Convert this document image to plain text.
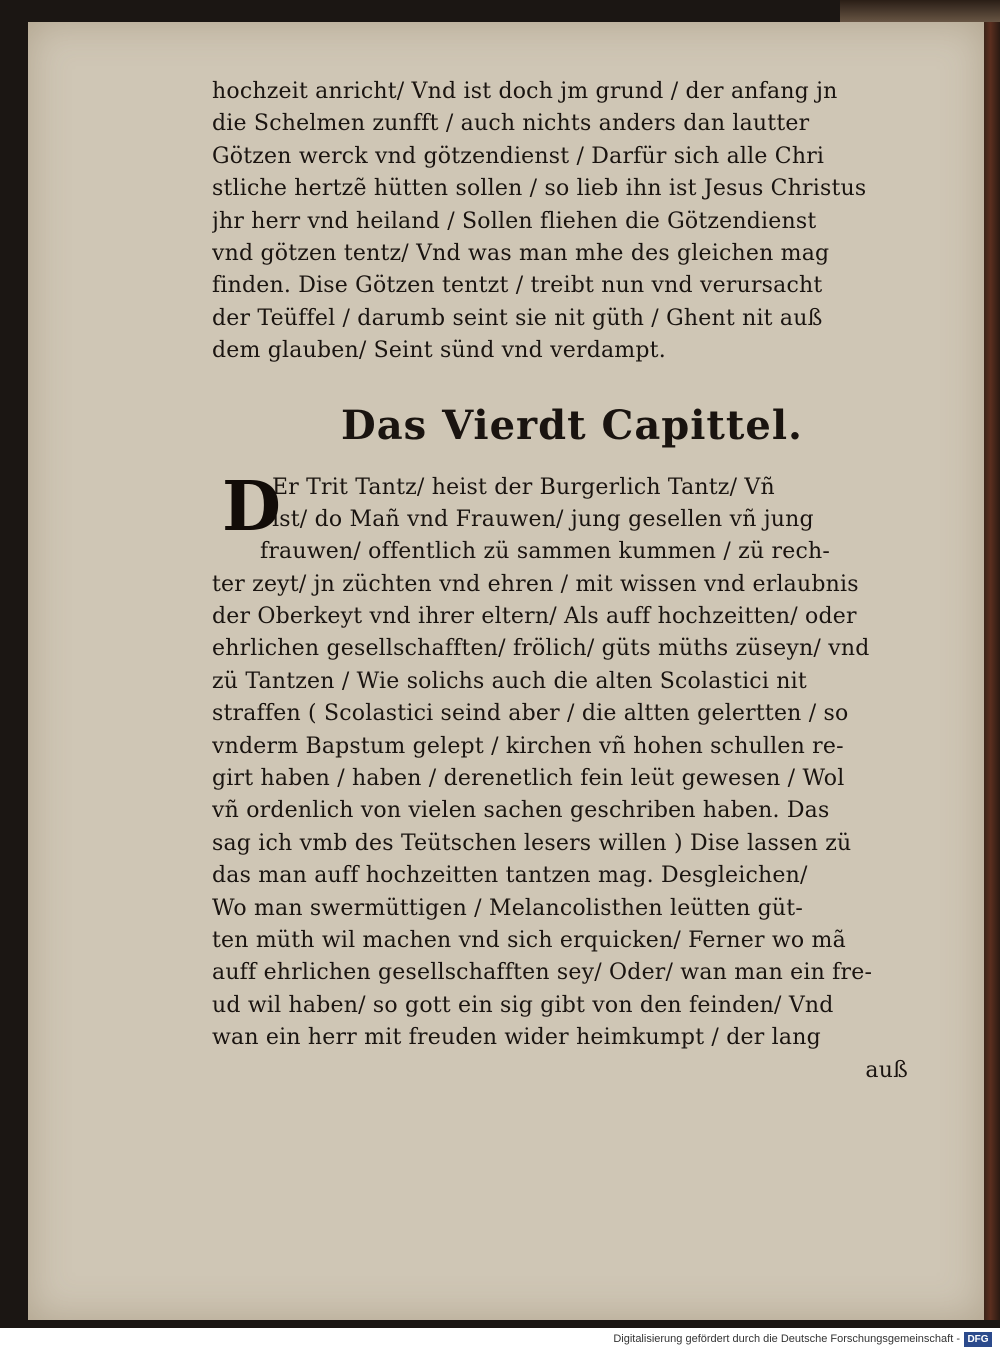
hochzeit anricht/ Vnd ist doch jm grund / der anfang jn
die Schelmen zunfft / auch nichts anders dan lautter
Götzen werck vnd götzendienst / Darfür sich alle Chri
stliche hertzẽ hütten sollen / so lieb ihn ist Jesus Christus
jhr herr vnd heiland / Sollen fliehen die Götzendienst
vnd götzen tentz/ Vnd was man mhe des gleichen mag
finden. Dise Götzen tentzt / treibt nun vnd verursacht
der Teüffel / darumb seint sie nit güth / Ghent nit auß
dem glauben/ Seint sünd vnd verdampt.
Das Vierdt Capittel.
D
Er Trit Tantz/ heist der Burgerlich Tantz/ Vñ
ist/ do Mañ vnd Frauwen/ jung gesellen vñ jung
frauwen/ offentlich zü sammen kummen / zü rech-
ter zeyt/ jn züchten vnd ehren / mit wissen vnd erlaubnis
der Oberkeyt vnd ihrer eltern/ Als auff hochzeitten/ oder
ehrlichen gesellschafften/ frölich/ güts müths züseyn/ vnd
zü Tantzen / Wie solichs auch die alten Scolastici nit
straffen ( Scolastici seind aber / die altten gelertten / so
vnderm Bapstum gelept / kirchen vñ hohen schullen re-
girt haben / haben / derenetlich fein leüt gewesen / Wol
vñ ordenlich von vielen sachen geschriben haben. Das
sag ich vmb des Teütschen lesers willen ) Dise lassen zü
das man auff hochzeitten tantzen mag. Desgleichen/
Wo man swermüttigen / Melancolisthen leütten güt-
ten müth wil machen vnd sich erquicken/ Ferner wo mã
auff ehrlichen gesellschafften sey/ Oder/ wan man ein fre-
ud wil haben/ so gott ein sig gibt von den feinden/ Vnd
wan ein herr mit freuden wider heimkumpt / der lang
auß
Digitalisierung gefördert durch die Deutsche Forschungsgemeinschaft - DFG
